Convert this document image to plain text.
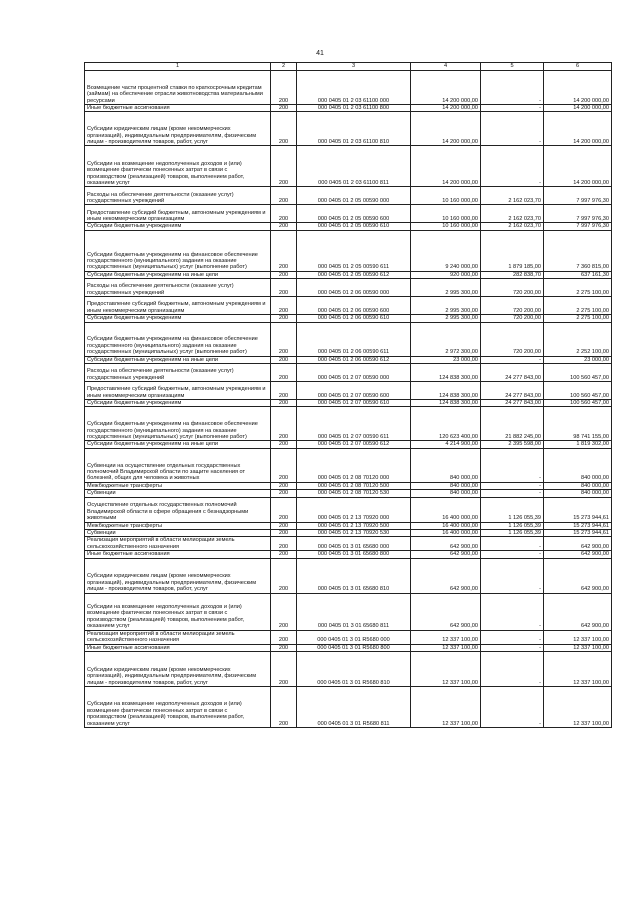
41
1	2	3	4	5	6
Возмещение части процентной ставки по краткосрочным кредитам (займам) на обеспечение отрасли животноводства материальными ресурсами	200	000 0405 01 2 03 61100 000	14 200 000,00	-	14 200 000,00
Иные бюджетные ассигнования	200	000 0405 01 2 03 61100 800	14 200 000,00	-	14 200 000,00
Субсидии юридическим лицам (кроме некоммерческих организаций), индивидуальным предпринимателям, физическим лицам - производителям товаров, работ, услуг	200	000 0405 01 2 03 61100 810	14 200 000,00	-	14 200 000,00
Субсидии на возмещение недополученных доходов и (или) возмещение фактически понесенных затрат в связи с производством (реализацией) товаров, выполнением работ, оказанием услуг	200	000 0405 01 2 03 61100 811	14 200 000,00	-	14 200 000,00
Расходы на обеспечение деятельности (оказание услуг) государственных учреждений	200	000 0405 01 2 05 00590 000	10 160 000,00	2 162 023,70	7 997 976,30
Предоставление субсидий бюджетным, автономным учреждениям и иным некоммерческим организациям	200	000 0405 01 2 05 00590 600	10 160 000,00	2 162 023,70	7 997 976,30
Субсидии бюджетным учреждениям	200	000 0405 01 2 05 00590 610	10 160 000,00	2 162 023,70	7 997 976,30
Субсидии бюджетным учреждениям на финансовое обеспечение государственного (муниципального) задания на оказание государственных (муниципальных) услуг (выполнение работ)	200	000 0405 01 2 05 00590 611	9 240 000,00	1 879 185,00	7 360 815,00
Субсидии бюджетным учреждениям на иные цели	200	000 0405 01 2 05 00590 612	920 000,00	282 838,70	637 161,30
Расходы на обеспечение деятельности (оказание услуг) государственных учреждений	200	000 0405 01 2 06 00590 000	2 995 300,00	720 200,00	2 275 100,00
Предоставление субсидий бюджетным, автономным учреждениям и иным некоммерческим организациям	200	000 0405 01 2 06 00590 600	2 995 300,00	720 200,00	2 275 100,00
Субсидии бюджетным учреждениям	200	000 0405 01 2 06 00590 610	2 995 300,00	720 200,00	2 275 100,00
Субсидии бюджетным учреждениям на финансовое обеспечение государственного (муниципального) задания на оказание государственных (муниципальных) услуг (выполнение работ)	200	000 0405 01 2 06 00590 611	2 972 300,00	720 200,00	2 252 100,00
Субсидии бюджетным учреждениям на иные цели	200	000 0405 01 2 06 00590 612	23 000,00	-	23 000,00
Расходы на обеспечение деятельности (оказание услуг) государственных учреждений	200	000 0405 01 2 07 00590 000	124 838 300,00	24 277 843,00	100 560 457,00
Предоставление субсидий бюджетным, автономным учреждениям и иным некоммерческим организациям	200	000 0405 01 2 07 00590 600	124 838 300,00	24 277 843,00	100 560 457,00
Субсидии бюджетным учреждениям	200	000 0405 01 2 07 00590 610	124 838 300,00	24 277 843,00	100 560 457,00
Субсидии бюджетным учреждениям на финансовое обеспечение государственного (муниципального) задания на оказание государственных (муниципальных) услуг (выполнение работ)	200	000 0405 01 2 07 00590 611	120 623 400,00	21 882 245,00	98 741 155,00
Субсидии бюджетным учреждениям на иные цели	200	000 0405 01 2 07 00590 612	4 214 900,00	2 395 598,00	1 819 302,00
Субвенции на осуществление отдельных государственных полномочий Владимирской области по защите населения от болезней, общих для человека и животных	200	000 0405 01 2 08 70120 000	840 000,00	-	840 000,00
Межбюджетные трансферты	200	000 0405 01 2 08 70120 500	840 000,00	-	840 000,00
Субвенции	200	000 0405 01 2 08 70120 530	840 000,00	-	840 000,00
Осуществление отдельных государственных полномочий Владимирской области в сфере обращения с безнадзорными животными	200	000 0405 01 2 13 70920 000	16 400 000,00	1 126 055,39	15 273 944,61
Межбюджетные трансферты	200	000 0405 01 2 13 70920 500	16 400 000,00	1 126 055,39	15 273 944,61
Субвенции	200	000 0405 01 2 13 70920 530	16 400 000,00	1 126 055,39	15 273 944,61
Реализация мероприятий в области мелиорации земель сельскохозяйственного назначения	200	000 0405 01 3 01 65680 000	642 900,00	-	642 900,00
Иные бюджетные ассигнования	200	000 0405 01 3 01 65680 800	642 900,00	-	642 900,00
Субсидии юридическим лицам (кроме некоммерческих организаций), индивидуальным предпринимателям, физическим лицам - производителям товаров, работ, услуг	200	000 0405 01 3 01 65680 810	642 900,00	-	642 900,00
Субсидии на возмещение недополученных доходов и (или) возмещение фактически понесенных затрат в связи с производством (реализацией) товаров, выполнением работ, оказанием услуг	200	000 0405 01 3 01 65680 811	642 900,00	-	642 900,00
Реализация мероприятий в области мелиорации земель сельскохозяйственного назначения	200	000 0405 01 3 01 R5680 000	12 337 100,00	-	12 337 100,00
Иные бюджетные ассигнования	200	000 0405 01 3 01 R5680 800	12 337 100,00	-	12 337 100,00
Субсидии юридическим лицам (кроме некоммерческих организаций), индивидуальным предпринимателям, физическим лицам - производителям товаров, работ, услуг	200	000 0405 01 3 01 R5680 810	12 337 100,00	-	12 337 100,00
Субсидии на возмещение недополученных доходов и (или) возмещение фактически понесенных затрат в связи с производством (реализацией) товаров, выполнением работ, оказанием услуг	200	000 0405 01 3 01 R5680 811	12 337 100,00	-	12 337 100,00
